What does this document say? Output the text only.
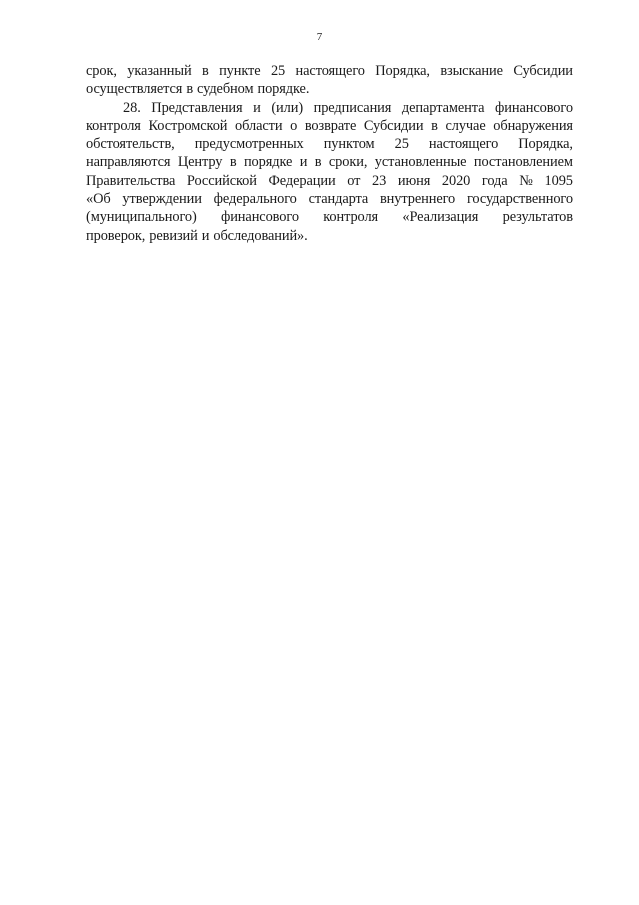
7
срок, указанный в пункте 25 настоящего Порядка, взыскание Субсидии
осуществляется в судебном порядке.
28. Представления и (или) предписания департамента финансового
контроля Костромской области о возврате Субсидии в случае обнаружения
обстоятельств, предусмотренных пунктом 25 настоящего Порядка,
направляются Центру в порядке и в сроки, установленные постановлением
Правительства Российской Федерации от 23 июня 2020 года № 1095
«Об утверждении федерального стандарта внутреннего государственного
(муниципального) финансового контроля «Реализация результатов
проверок, ревизий и обследований».
